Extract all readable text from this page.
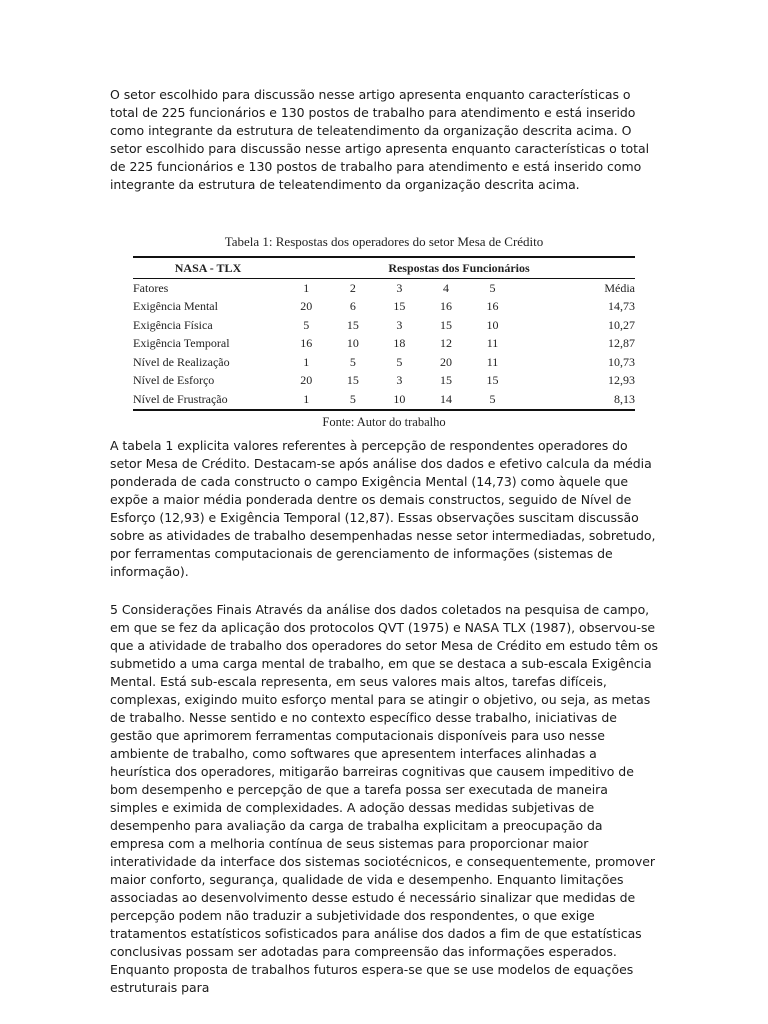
O setor escolhido para discussão nesse artigo apresenta enquanto características o total de 225 funcionários e 130 postos de trabalho para atendimento e está inserido como integrante da estrutura de teleatendimento da organização descrita acima. O setor escolhido para discussão nesse artigo apresenta enquanto características o total de 225 funcionários e 130 postos de trabalho para atendimento e está inserido como integrante da estrutura de teleatendimento da organização descrita acima.

Tabela 1: Respostas dos operadores do setor Mesa de Crédito

NASA - TLX	Respostas dos Funcionários					
Fatores	1	2	3	4	5	Média
Exigência Mental	20	6	15	16	16	14,73
Exigência Física	5	15	3	15	10	10,27
Exigência Temporal	16	10	18	12	11	12,87
Nível de Realização	1	5	5	20	11	10,73
Nível de Esforço	20	15	3	15	15	12,93
Nível de Frustração	1	5	10	14	5	8,13

Fonte: Autor do trabalho

A tabela 1 explicita valores referentes à percepção de respondentes operadores do setor Mesa de Crédito. Destacam-se após análise dos dados e efetivo calcula da média ponderada de cada constructo o campo Exigência Mental (14,73) como àquele que expõe a maior média ponderada dentre os demais constructos, seguido de Nível de Esforço (12,93) e Exigência Temporal (12,87). Essas observações suscitam discussão sobre as atividades de trabalho desempenhadas nesse setor intermediadas, sobretudo, por ferramentas computacionais de gerenciamento de informações (sistemas de informação).

5 Considerações Finais Através da análise dos dados coletados na pesquisa de campo, em que se fez da aplicação dos protocolos QVT (1975) e NASA TLX (1987), observou-se que a atividade de trabalho dos operadores do setor Mesa de Crédito em estudo têm os submetido a uma carga mental de trabalho, em que se destaca a sub-escala Exigência Mental. Está sub-escala representa, em seus valores mais altos, tarefas difíceis, complexas, exigindo muito esforço mental para se atingir o objetivo, ou seja, as metas de trabalho. Nesse sentido e no contexto específico desse trabalho, iniciativas de gestão que aprimorem ferramentas computacionais disponíveis para uso nesse ambiente de trabalho, como softwares que apresentem interfaces alinhadas a heurística dos operadores, mitigarão barreiras cognitivas que causem impeditivo de bom desempenho e percepção de que a tarefa possa ser executada de maneira simples e eximida de complexidades. A adoção dessas medidas subjetivas de desempenho para avaliação da carga de trabalha explicitam a preocupação da empresa com a melhoria contínua de seus sistemas para proporcionar maior interatividade da interface dos sistemas sociotécnicos, e consequentemente, promover maior conforto, segurança, qualidade de vida e desempenho. Enquanto limitações associadas ao desenvolvimento desse estudo é necessário sinalizar que medidas de percepção podem não traduzir a subjetividade dos respondentes, o que exige tratamentos estatísticos sofisticados para análise dos dados a fim de que estatísticas conclusivas possam ser adotadas para compreensão das informações esperados. Enquanto proposta de trabalhos futuros espera-se que se use modelos de equações estruturais para
